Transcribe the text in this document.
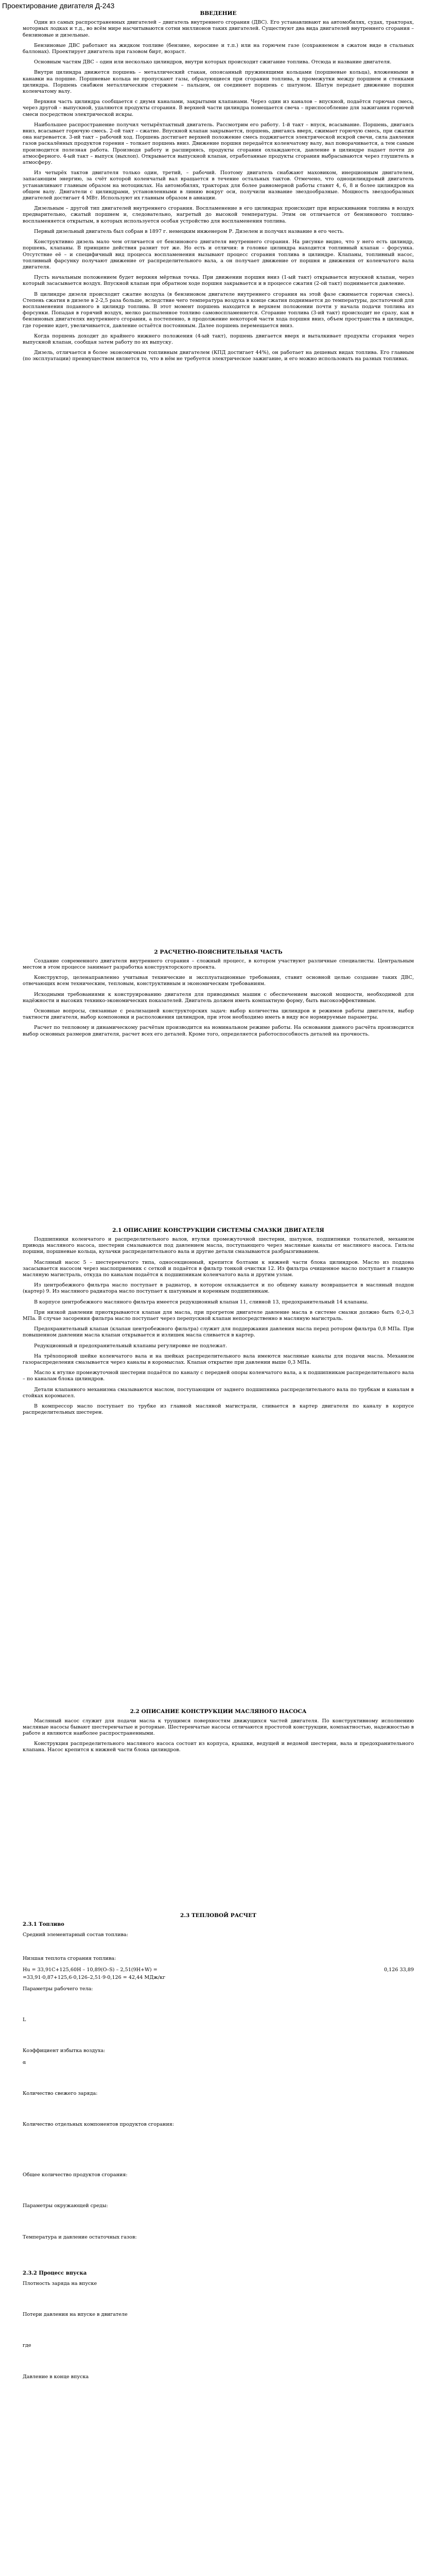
Проектирование двигателя Д-243
ВВЕДЕНИЕ

Один из самых распространенных двигателей – двигатель внутреннего сгорания (ДВС). Его устанавливают на автомобилях, судах, тракторах, моторных лодках и т.д., во всём мире насчитываются сотни миллионов таких двигателей. Существуют два вида двигателей внутреннего сгорания – бензиновые и дизельные.

Бензиновые ДВС работают на жидком топливе (бензине, керосине и т.п.) или на горючем газе (сохраняемом в сжатом виде в стальных баллонах). Проектирует двигатель при газовом бирт, возраст.

Основным частям ДВС – один или несколько цилиндров, внутри которых происходит сжигание топлива. Отсюда и название двигателя.

Внутри цилиндра движется поршень – металлический стакан, опоясанный пружинящими кольцами (поршневые кольца), вложенными в канавки на поршне. Поршневые кольца не пропускают газы, образующиеся при сгорании топлива, в промежутки между поршнем и стенками цилиндра. Поршень снабжен металлическим стержнем – пальцем, он соединяет поршень с шатуном. Шатун передает движение поршня коленчатому валу.

Верхняя часть цилиндра сообщается с двумя каналами, закрытыми клапанами. Через один из каналов – впускной, подаётся горючая смесь, через другой – выпускной, удаляются продукты сгорания. В верхней части цилиндра помещается свеча – приспособление для зажигания горючей смеси посредством электрической искры.

Наибольшее распространение получил четырёхтактный двигатель. Рассмотрим его работу. 1-й такт – впуск, всасывание. Поршень, двигаясь вниз, всасывает горючую смесь. 2-ой такт – сжатие. Впускной клапан закрывается, поршень, двигаясь вверх, сжимает горючую смесь, при сжатии она нагревается. 3-ий такт – рабочий ход. Поршень достигает верхней положение смесь поджигается электрической искрой свечи, сила давления газов раскалённых продуктов горения – толкает поршень вниз. Движение поршня передаётся коленчатому валу, вал поворачивается, а тем самым производится полезная работа. Производя работу и расширяясь, продукты сгорания охлаждаются, давление в цилиндре падает почти до атмосферного. 4-ый такт – выпуск (выхлоп). Открывается выпускной клапан, отработанные продукты сгорания выбрасываются через глушитель в атмосферу.

Из четырёх тактов двигателя только один, третий, – рабочий. Поэтому двигатель снабжают маховиком, инерционным двигателем, запасающим энергию, за счёт которой коленчатый вал вращается в течение остальных тактов. Отмечено, что одноцилиндровый двигатель устанавливают главным образом на мотоциклах. На автомобилях, тракторах для более равномерной работы ставят 4, 6, 8 и более цилиндров на общем валу. Двигатели с цилиндрами, установленными в линию вокруг оси, получили название звездообразные. Мощность звездообразных двигателей достигает 4 МВт. Используют их главным образом в авиации.

Дизельным – другой тип двигателей внутреннего сгорания. Воспламенение в его цилиндрах происходит при впрыскивании топлива в воздух предварительно, сжатый поршнем и, следовательно, нагретый до высокой температуры. Этим он отличается от бензинового топливо-воспламеняется открытым, в которых используется особая устройство для воспламенения топлива.

Первый дизельный двигатель был собран в 1897 г. немецким инженером Р. Дизелем и получил название в его честь.

Конструктивно дизель мало чем отличается от бензинового двигателя внутреннего сгорания. На рисунке видно, что у него есть цилиндр, поршень, клапаны. В принципе действия разнит тот же. Но есть и отличия: в головке цилиндра находится топливный клапан – форсунка. Отсутствие её – и специфичный вид процесса воспламенения вызывают процесс сгорания топлива в цилиндре. Клапаны, топливный насос, топливный фарсунку получают движение от распределительного вала, а он получает движение от поршня и движения от коленчатого вала двигателя.

Пусть начальным положением будет верхняя мёртвая точка. При движении поршня вниз (1-ый такт) открывается впускной клапан, через который засасывается воздух. Впускной клапан при обратном ходе поршня закрывается и в процессе сжатия (2-ой такт) поднимается давление.

В цилиндре дизеля происходит сжатие воздуха (в бензиновом двигателе внутреннего сгорания на этой фазе сжимается горючая смесь). Степень сжатия в дизеле в 2-2,5 раза больше, вследствие чего температура воздуха в конце сжатия поднимается до температуры, достаточной для воспламенения поданного в цилиндр топлива. В этот момент поршень находится в верхнем положении почти у начала подачи топлива из форсунки. Попадая в горячий воздух, мелко распыленное топливо самовоспламеняется. Сгорание топлива (3-ий такт) происходит не сразу, как в бензиновых двигателях внутреннего сгорания, а постепенно, в продолжение некоторой части хода поршня вниз, объем пространства в цилиндре, где горение идет, увеличивается, давление остаётся постоянным. Далее поршень перемещается вниз.

Когда поршень доходит до крайнего нижнего положения (4-ый такт), поршень двигается вверх и выталкивает продукты сгорания через выпускной клапан, сообщая затем работу по их выпуску.

Дизель, отличается в более экономичным топливным двигателем (КПД достигает 44%), он работает на дешевых видах топлива. Его главным (по эксплуатации) преимуществом является то, что в нём не требуется электрическое зажигание, и его можно использовать на разных топливах.

2 РАСЧЕТНО-ПОЯСНИТЕЛЬНАЯ ЧАСТЬ

Создание современного двигателя внутреннего сгорания – сложный процесс, в котором участвуют различные специалисты. Центральным местом в этом процессе занимает разработка конструкторского проекта.

Конструктор, целенаправленно учитывая технические и эксплуатационные требования, ставит основной целью создание таких ДВС, отвечающих всем техническим, тепловым, конструктивным и экономическим требованиям.

Исходными требованиями к конструированию двигателя для приводимых машин с обеспечением высокой мощности, необходимой для надёжности и высоких технико-экономических показателей. Двигатель должен иметь компактную форму, быть высокоэффективным.

Основные вопросы, связанные с реализацией конструкторских задач: выбор количества цилиндров и режимов работы двигателя, выбор тактности двигателя, выбор компоновки и расположения цилиндров, при этом необходимо иметь в виду все нормируемые параметры.

Расчет по тепловому и динамическому расчётам производится на номинальном режиме работы. На основании данного расчёта производится выбор основных размеров двигателя, расчет всех его деталей. Кроме того, определяется работоспособность деталей на прочность.

2.1 ОПИСАНИЕ КОНСТРУКЦИИ СИСТЕМЫ СМАЗКИ ДВИГАТЕЛЯ

Подшипники коленчатого и распределительного валов, втулки промежуточной шестерни, шатунов, подшипники толкателей, механизм привода масляного насоса, шестерни смазываются под давлением масла, поступающего через масляные каналы от масляного насоса. Гильзы поршни, поршневые кольца, кулачки распределительного вала и другие детали смазываются разбрызгиванием.

Масляный насос 5 – шестеренчатого типа, односекционный, крепится болтами к нижней части блока цилиндров. Масло из поддона засасывается насосом через маслоприемник с сеткой и подаётся в фильтр тонкой очистки 12. Из фильтра очищенное масло поступает в главную масляную магистраль, откуда по каналам подаётся к подшипникам коленчатого вала и другим узлам.

Из центробежного фильтра масло поступает в радиатор, в котором охлаждается и по общему каналу возвращается в масляный поддон (картер) 9. Из масляного радиатора масло поступает к шатунным и коренным подшипникам.

В корпусе центробежного масляного фильтра имеется редукционный клапан 11, сливной 13, предохранительный 14 клапаны.

При низкой давлении приоткрываются клапан для масла, при прогретом двигателе давление масла в системе смазки должно быть 0,2-0,3 МПа. В случае засорения фильтра масло поступает через перепускной клапан непосредственно в масляную магистраль.

Предохранительный клапан (клапан центробежного фильтра) служит для поддержания давления масла перед ротором фильтра 0,8 МПа. При повышенном давлении масла клапан открывается и излишек масла сливается в картер.

Редукционный и предохранительный клапаны регулировке не подлежат.

На трёхопорной шейке коленчатого вала и на шейках распределительного вала имеются масляные каналы для подачи масла. Механизм газораспределения смазывается через каналы в коромыслах. Клапан открытие при давлении выше 0,3 МПа.

Масло к втулке промежуточной шестерни подаётся по каналу с передней опоры коленчатого вала, а к подшипникам распределительного вала – по каналам блока цилиндров.

Детали клапанного механизма смазываются маслом, поступающим от заднего подшипника распределительного вала по трубкам и каналам в стойках коромысел.

В компрессор масло поступает по трубке из главной масляной магистрали, сливается в картер двигателя по каналу в корпусе распределительных шестерен.

2.2 ОПИСАНИЕ КОНСТРУКЦИИ МАСЛЯНОГО НАСОСА

Масляный насос служит для подачи масла к трущимся поверхностям движущихся частей двигателя. По конструктивному исполнению масляные насосы бывают шестеренчатые и роторные. Шестеренчатые насосы отличаются простотой конструкции, компактностью, надежностью в работе и являются наиболее распространенными.

Конструкция распределительного масляного насоса состоит из корпуса, крышки, ведущей и ведомой шестерни, вала и предохранительного клапана. Насос крепится к нижней части блока цилиндров.

2.3 ТЕПЛОВОЙ РАСЧЕТ
2.3.1 Топливо

Средний элементарный состав топлива:

Низшая теплота сгорания топлива:

Hu = 33,91С+125,60Н – 10,89(O–S) – 2,51(9Н+W) =	0,126 33,89

=33,91·0,87+125,6·0,126–2,51·9·0,126 = 42,44 МДж/кг

Параметры рабочего тела:

L

Коэффициент избытка воздуха:

α

Количество свежего заряда:

Количество отдельных компонентов продуктов сгорания:

Общее количество продуктов сгорания:

Параметры окружающей среды:

Температура и давление остаточных газов:

2.3.2 Процесс впуска

Плотность заряда на впуске

Потери давления на впуске в двигателе

где

Давление в конце впуска
